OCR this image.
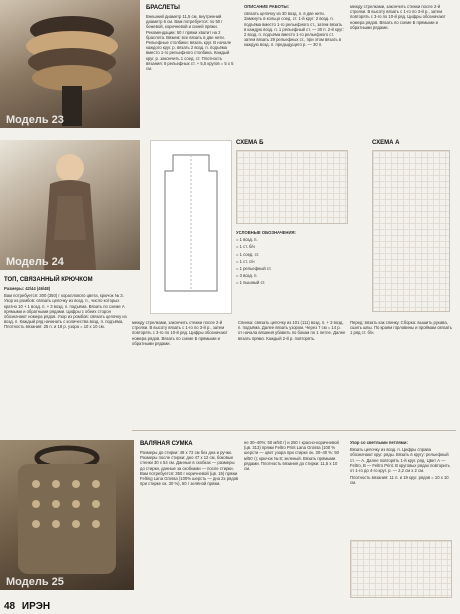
Модель 23
БРАСЛЕТЫ

Внешний диаметр 11,5 см, внутренний диаметр 6 см. Вам потребуется: по 50 г бежевой, коричневой и синей пряжи. Рекомендации: 50 г пряжи хватит на 2 браслета. Вяжем: все вязать в две нити. Рельефные столбики: вязать круг. В начале каждого круг. р. вязать 2 возд. п. подъёма вместо 1-го рельефного столбика. Каждый круг. р. закончить 1 соед. ст. Плотность вязания: 8 рельефных ст. + 5,5 кругов = 5 х 5 см.

ОПИСАНИЕ РАБОТЫ:

связать цепочку из 30 возд. п. в две нити. Замкнуть в кольцо соед. ст. 1-й круг: 2 возд. п. подъёма вместо 1-го рельефного ст., затем вязать в каждую возд. п. 1 рельефный ст. — 30 п. 2-й круг: 2 возд. п. подъёма вместо 1-го рельефного ст. затем вязать 29 рельефных ст., при этом вязать в каждую возд. п. предыдущего р. — 30 п.

между стрелками, закончить стежки после 2-й стрелки. В высоту вязать с 1-го по 3-й р., затем повторять с 3-го по 10-й ряд. Цифры обозначают номера рядов. Вязать по схеме Б прямыми и обратными рядами.

Модель 24
СХЕМА Б	СХЕМА А

УСЛОВНЫЕ ОБОЗНАЧЕНИЯ:

= 1 возд. п.

= 1 ст. б/н

= 1 соед. ст.

= 1 ст. с/н

= 1 рельефный ст.

= 3 возд. п.

= 1 пышный ст.

ТОП, СВЯЗАННЫЙ КРЮЧКОМ

Размеры: 42/44 (46/48)

Вам потребуется: 300 (350) г кораллового цвета, крючок № 3. Узор из ромбов: связать цепочку из возд. п., число которых кратно 10 + 1 возд. п. + 3 возд. п. подъёма. Вязать по схеме А прямыми и обратными рядами. Цифры с обеих сторон обозначают номера рядов. Узор из ромбов: связать цепочку из возд. п. Каждый ряд начинать с количества возд. п. подъёма, Плотность вязания: 25 п. и 18 р. узора = 10 х 10 см.

между стрелками, закончить стежки после 2-й стрелки. В высоту вязать с 1-го по 3-й р., затем повторять с 3-го по 10-й ряд. Цифры обозначают номера рядов. Вязать по схеме Б прямыми и обратными рядами.

Спинка: связать цепочку из 101 (111) возд. п. + 3 возд. п. подъёма. Далее вязать узором. Через 7 см = 14 р. от начала вязания убавить по бокам по 1 петле. Далее вязать прямо. Каждый 2-й р. повторять.

Перед: вязать как спинку. Сборка: вышить рукава, сшить швы. По краям горловины и проймам связать 1 ряд ст. б/н.

Модель 25
ВАЛЯНАЯ СУМКА

Размеры до стирки: 48 х 72 см без дна и ручки. Размеры после стирки: дно 47 х 12 см, боковые стенки 30 х 54 см. Данные в скобках — размеры до стирки, данные за скобками — после стирки. Вам потребуется: 350 г коричневой (цв. 15) пряжи Felting Lana Grossa (100% шерсть — дна 2х рядов при стирке ок. 30 %), 50 г зелёной пряжи.

не 30–40%: 50 м/50 г) и 250 г красно-коричневой (цв. 313) пряжи Feltro Print Lana Grossa (100 % шерсти — цвет узора при стирке ок. 30–40 %: 50 м/50 г); крючок № 8; зеленый. Вязать прямыми рядами. Плотность вязания до стирки: 11,5 х 10 см.

Узор со светлыми петлями:

Вязать цепочку из возд. п. Цифры справа обозначают круг. ряды. Вязать в кругу: рельефный ст. — А. Далее повторять 1-й круг. ряд. Цвет А — Feltro, В — Feltro Print. В круговых рядах повторить от 1-го до 4-го круг. р. — 2,2 см х 2 см.

Плотность вязания: 11 п. и 19 круг. рядов = 10 х 10 см.

48 ИРЭН
